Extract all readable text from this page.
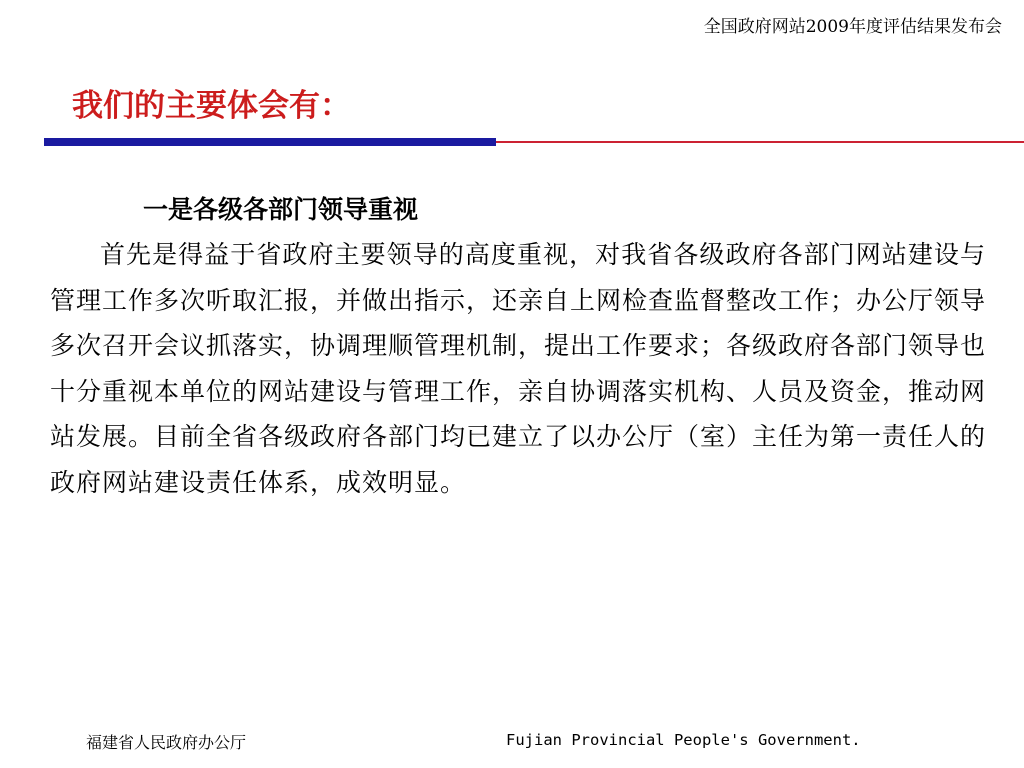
全国政府网站2009年度评估结果发布会
我们的主要体会有：
一是各级各部门领导重视

首先是得益于省政府主要领导的高度重视，对我省各级政府各部门网站建设与管理工作多次听取汇报，并做出指示，还亲自上网检查监督整改工作；办公厅领导多次召开会议抓落实，协调理顺管理机制，提出工作要求；各级政府各部门领导也十分重视本单位的网站建设与管理工作，亲自协调落实机构、人员及资金，推动网站发展。目前全省各级政府各部门均已建立了以办公厅（室）主任为第一责任人的政府网站建设责任体系，成效明显。

福建省人民政府办公厅	Fujian Provincial People's Government.
